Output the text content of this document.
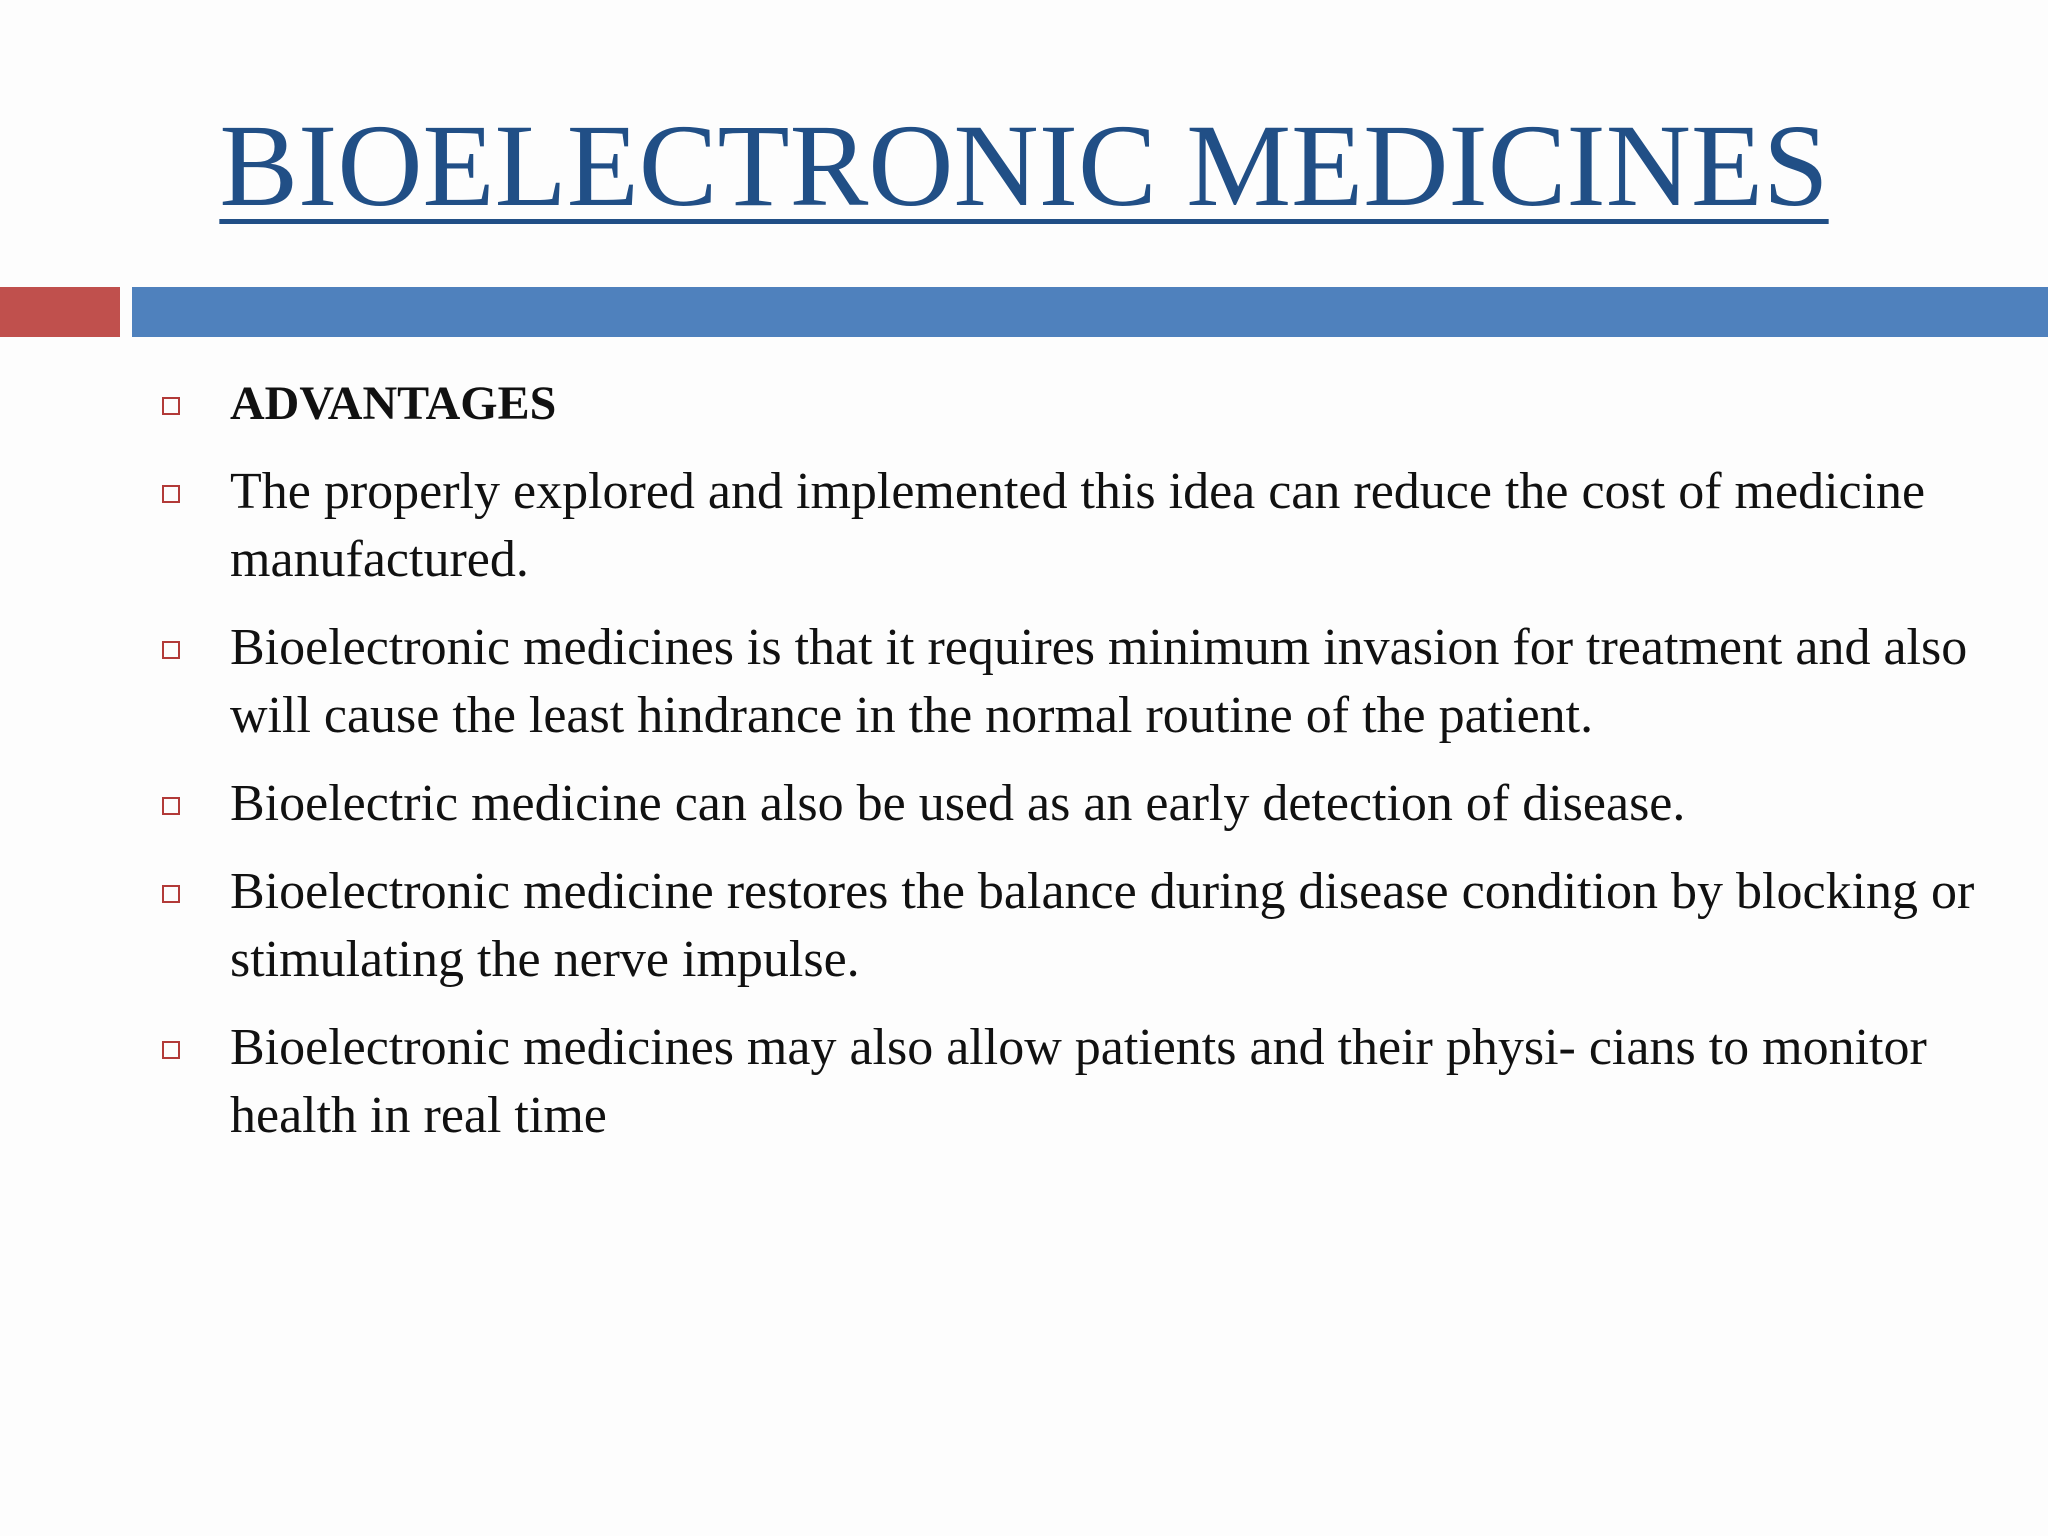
BIOELECTRONIC MEDICINES
ADVANTAGES
The properly explored and implemented this idea can reduce the cost of medicine manufactured.
Bioelectronic medicines is that it requires minimum invasion for treatment and also will cause the least hindrance in the normal routine of the patient.
Bioelectric medicine can also be used as an early detection of disease.
Bioelectronic medicine restores the balance during disease condition by blocking or stimulating the nerve impulse.
Bioelectronic medicines may also allow patients and their physi- cians to monitor health in real time
